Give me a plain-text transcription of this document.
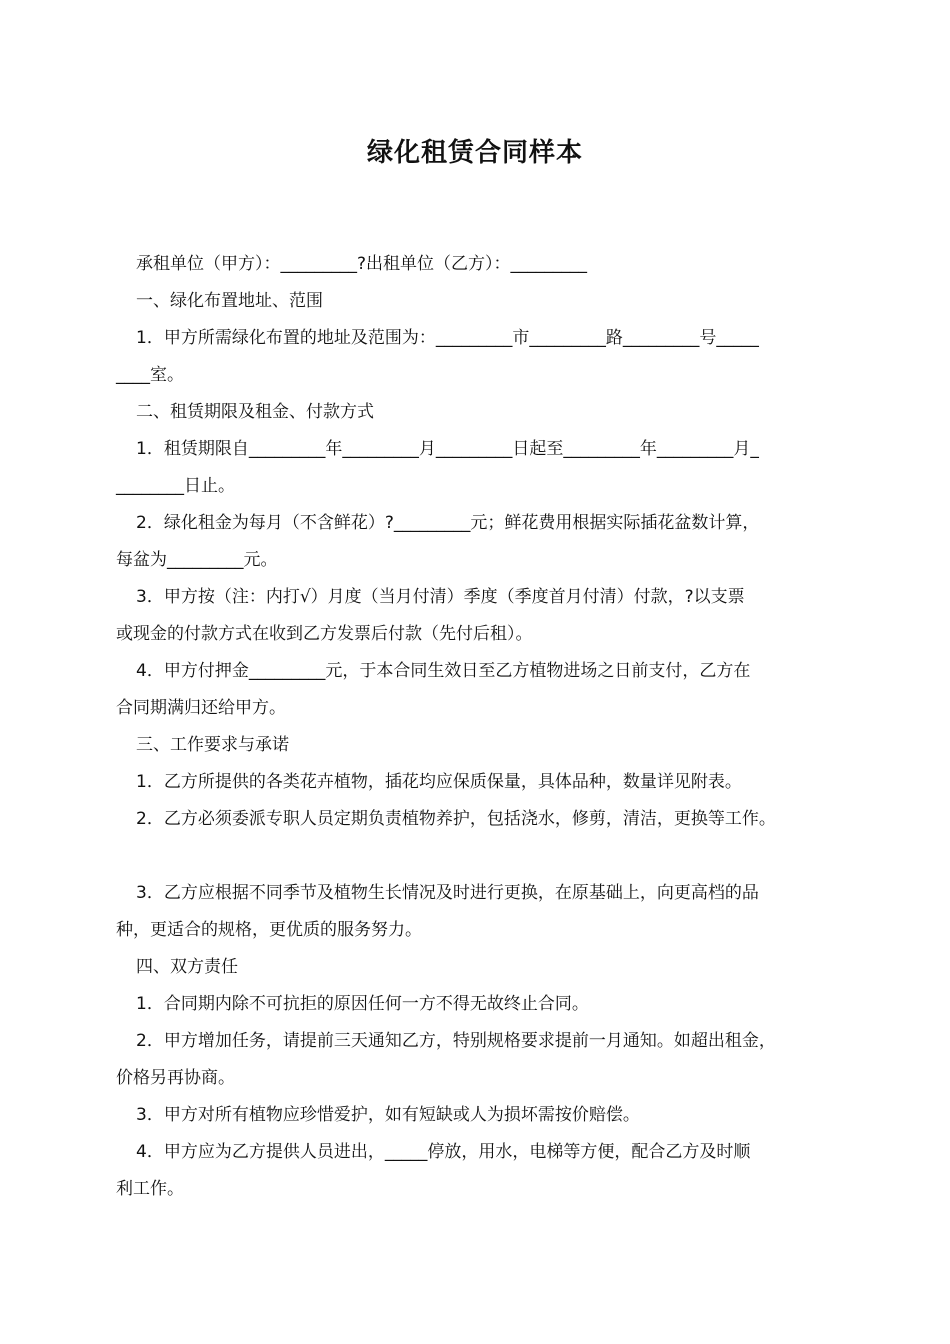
绿化租赁合同样本

承租单位（甲方）：_________?出租单位（乙方）：_________

一、绿化布置地址、范围

1．甲方所需绿化布置的地址及范围为：_________市_________路_________号_____

____室。

二、租赁期限及租金、付款方式

1．租赁期限自_________年_________月_________日起至_________年_________月_

________日止。

2．绿化租金为每月（不含鲜花）?_________元；鲜花费用根据实际插花盆数计算，

每盆为_________元。

3．甲方按（注：内打√）月度（当月付清）季度（季度首月付清）付款，?以支票

或现金的付款方式在收到乙方发票后付款（先付后租）。

4．甲方付押金_________元，于本合同生效日至乙方植物进场之日前支付，乙方在

合同期满归还给甲方。

三、工作要求与承诺

1．乙方所提供的各类花卉植物，插花均应保质保量，具体品种，数量详见附表。

2．乙方必须委派专职人员定期负责植物养护，包括浇水，修剪，清洁，更换等工作。

3．乙方应根据不同季节及植物生长情况及时进行更换，在原基础上，向更高档的品

种，更适合的规格，更优质的服务努力。

四、双方责任

1．合同期内除不可抗拒的原因任何一方不得无故终止合同。

2．甲方增加任务，请提前三天通知乙方，特别规格要求提前一月通知。如超出租金，

价格另再协商。

3．甲方对所有植物应珍惜爱护，如有短缺或人为损坏需按价赔偿。

4．甲方应为乙方提供人员进出，_____停放，用水，电梯等方便，配合乙方及时顺

利工作。
